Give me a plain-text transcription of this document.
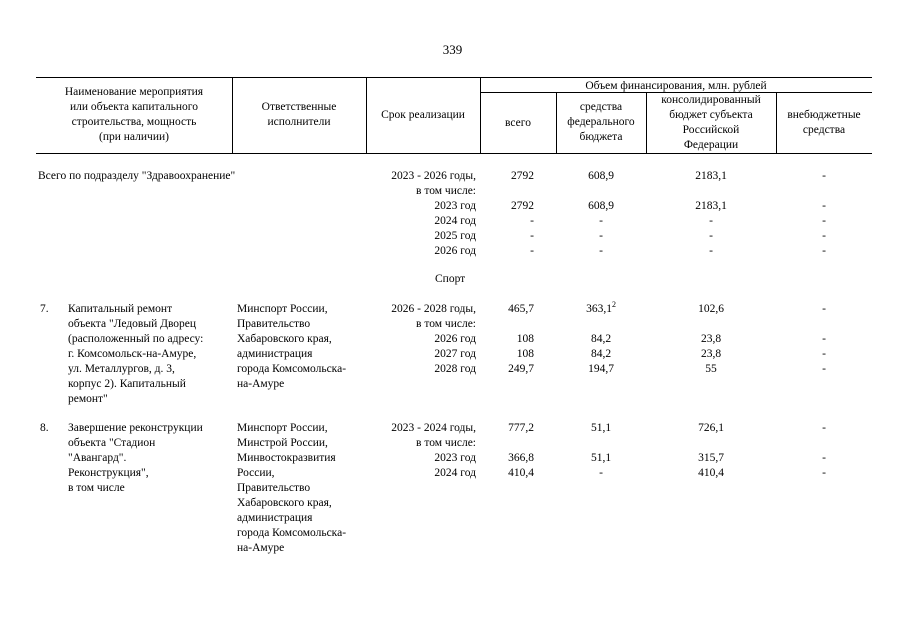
339
Наименование мероприятия
или объекта капитального
строительства, мощность
(при наличии)
Ответственные
исполнители
Срок реализации
Объем финансирования, млн. рублей
всего
средства
федерального
бюджета
консолидированный
бюджет субъекта
Российской
Федерации
внебюджетные
средства
Всего по подразделу "Здравоохранение"	2023 - 2026 годы,
в том числе:
2023 год
2024 год
2025 год
2026 год
2792

2792
-
-
-
608,9

608,9
-
-
-
2183,1

2183,1
-
-
-
-

-
-
-
-
Спорт
7. Капитальный ремонт
объекта "Ледовый Дворец
(расположенный по адресу:
г. Комсомольск-на-Амуре,
ул. Металлургов, д. 3,
корпус 2). Капитальный
ремонт"
Минспорт России,
Правительство
Хабаровского края,
администрация
города Комсомольска-
на-Амуре
2026 - 2028 годы,
в том числе:
2026 год
2027 год
2028 год
465,7

108
108
249,7
363,1$^2$

84,2
84,2
194,7
102,6

23,8
23,8
55
-

-
-
-
8. Завершение реконструкции
объекта "Стадион
"Авангард".
Реконструкция",
в том числе
Минспорт России,
Минстрой России,
Минвостокразвития
России,
Правительство
Хабаровского края,
администрация
города Комсомольска-
на-Амуре
2023 - 2024 годы,
в том числе:
2023 год
2024 год
777,2

366,8
410,4
51,1

51,1
-
726,1

315,7
410,4
-

-
-
